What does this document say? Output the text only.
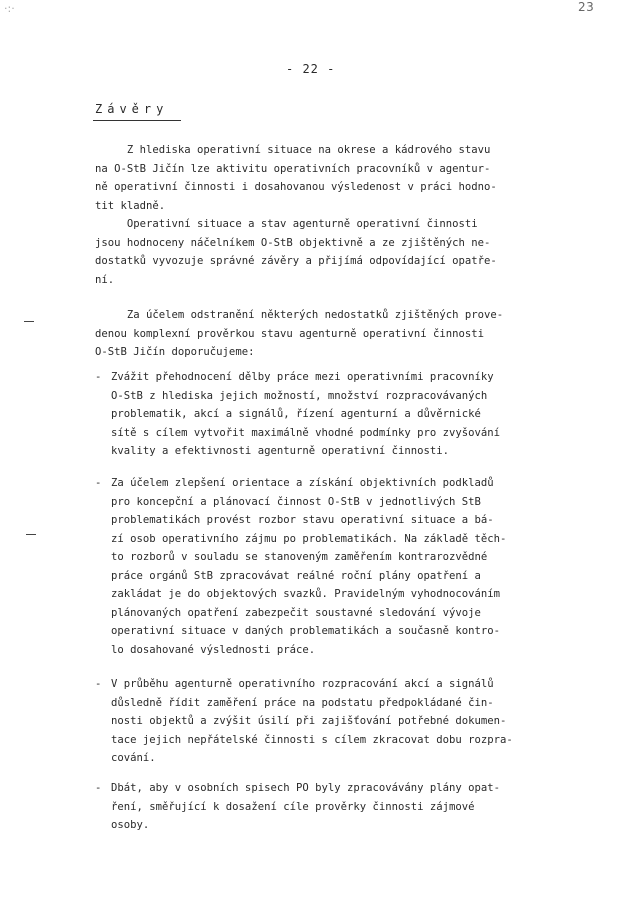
·:·	23
- 22 -
Závěry

Z hlediska operativní situace na okrese a kádrového stavu
na O-StB Jičín lze aktivitu operativních pracovníků v agentur-
ně operativní činnosti i dosahovanou výsledenost v práci hodno-
tit kladně.

Operativní situace a stav agenturně operativní činnosti
jsou hodnoceny náčelníkem O-StB objektivně a ze zjištěných ne-
dostatků vyvozuje správné závěry a přijímá odpovídající opatře-
ní.

Za účelem odstranění některých nedostatků zjištěných prove-
denou komplexní prověrkou stavu agenturně operativní činnosti
O-StB Jičín doporučujeme:

- Zvážit přehodnocení dělby práce mezi operativními pracovníky
O-StB z hlediska jejich možností, množství rozpracovávaných
problematik, akcí a signálů, řízení agenturní a důvěrnické
sítě s cílem vytvořit maximálně vhodné podmínky pro zvyšování
kvality a efektivnosti agenturně operativní činnosti.

- Za účelem zlepšení orientace a získání objektivních podkladů
pro koncepční a plánovací činnost O-StB v jednotlivých StB
problematikách provést rozbor stavu operativní situace a bá-
zí osob operativního zájmu po problematikách. Na základě těch-
to rozborů v souladu se stanoveným zaměřením kontrarozvědné
práce orgánů StB zpracovávat reálné roční plány opatření a
zakládat je do objektových svazků. Pravidelným vyhodnocováním
plánovaných opatření zabezpečit soustavné sledování vývoje
operativní situace v daných problematikách a současně kontro-
lo dosahované výslednosti práce.

- V průběhu agenturně operativního rozpracování akcí a signálů
důsledně řídit zaměření práce na podstatu předpokládané čin-
nosti objektů a zvýšit úsilí při zajišťování potřebné dokumen-
tace jejich nepřátelské činnosti s cílem zkracovat dobu rozpra-
cování.

- Dbát, aby v osobních spisech PO byly zpracovávány plány opat-
ření, směřující k dosažení cíle prověrky činnosti zájmové
osoby.
